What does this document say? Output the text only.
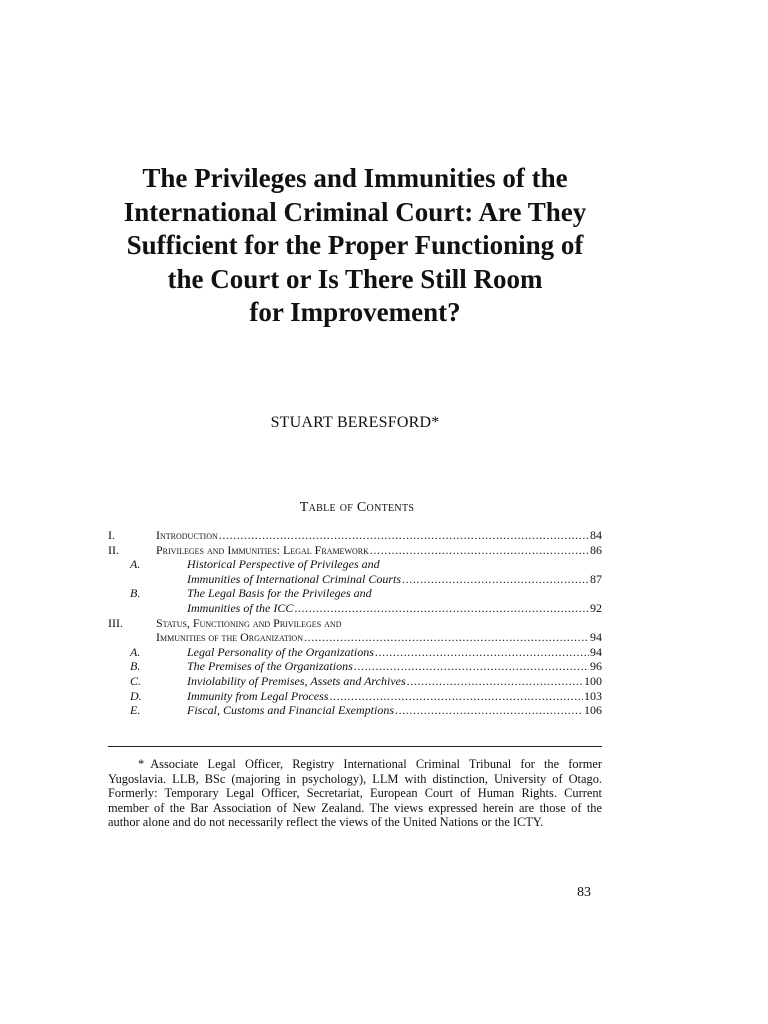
The Privileges and Immunities of the
International Criminal Court: Are They
Sufficient for the Proper Functioning of
the Court or Is There Still Room
for Improvement?
STUART BERESFORD*
Table of Contents
I.	Introduction .....	84
II.	Privileges and Immunities: Legal Framework .....	86
A.	Historical Perspective of Privileges and
Immunities of International Criminal Courts .....	87
B.	The Legal Basis for the Privileges and
Immunities of the ICC .....	92
III.	Status, Functioning and Privileges and
Immunities of the Organization .....	94
A.	Legal Personality of the Organizations .....	94
B.	The Premises of the Organizations .....	96
C.	Inviolability of Premises, Assets and Archives .....	100
D.	Immunity from Legal Process .....	103
E.	Fiscal, Customs and Financial Exemptions .....	106

* Associate Legal Officer, Registry International Criminal Tribunal for the former Yugoslavia. LLB, BSc (majoring in psychology), LLM with distinction, University of Otago. Formerly: Temporary Legal Officer, Secretariat, European Court of Human Rights. Current member of the Bar Association of New Zealand. The views expressed herein are those of the author alone and do not necessarily reflect the views of the United Nations or the ICTY.

83
